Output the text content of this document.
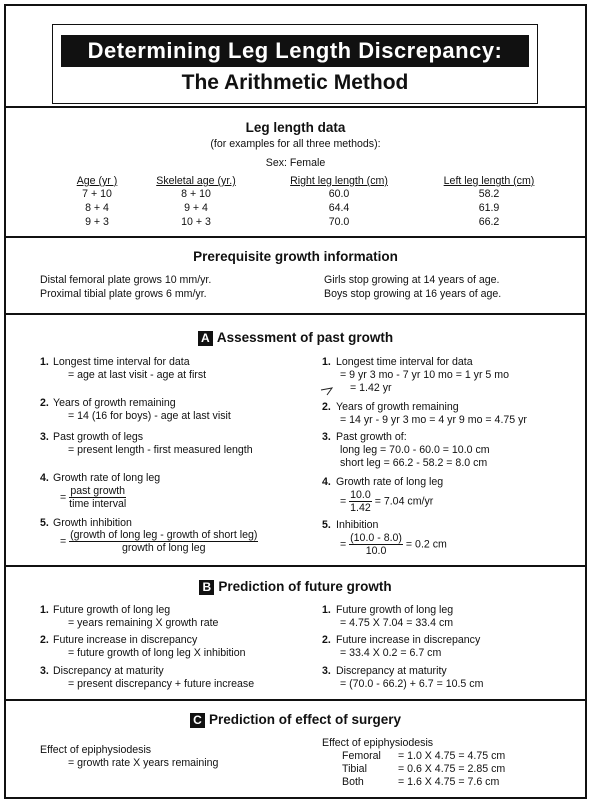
Determining Leg Length Discrepancy:
The Arithmetic Method
Leg length data
(for examples for all three methods):
Sex: Female
Age (yr )	Skeletal age (yr.)	Right leg length (cm)	Left leg length (cm)
7 + 10	8 + 10	60.0	58.2
8 + 4	9 + 4	64.4	61.9
9 + 3	10 + 3	70.0	66.2
Prerequisite growth information
Distal femoral plate grows 10 mm/yr.
Proximal tibial plate grows 6 mm/yr.
Girls stop growing at 14 years of age.
Boys stop growing at 16 years of age.
A Assessment of past growth
1. Longest time interval for data
= age at last visit - age at first
2. Years of growth remaining
= 14 (16 for boys) - age at last visit
3. Past growth of legs
= present length - first measured length
4. Growth rate of long leg
= $\frac{\text{past growth}}{\text{time interval}}$
5. Growth inhibition
= $\frac{\text{(growth of long leg - growth of short leg)}}{\text{growth of long leg}}$
1. Longest time interval for data
= 9 yr 3 mo - 7 yr 10 mo = 1 yr 5 mo
= 1.42 yr
2. Years of growth remaining
= 14 yr - 9 yr 3 mo = 4 yr 9 mo = 4.75 yr
3. Past growth of:
long leg = 70.0 - 60.0 = 10.0 cm
short leg = 66.2 - 58.2 = 8.0 cm
4. Growth rate of long leg
= $\frac{10.0}{1.42} = 7.04$ cm/yr
5. Inhibition
= $\frac{(10.0 - 8.0)}{10.0} = 0.2$ cm
B Prediction of future growth
1. Future growth of long leg
= years remaining X growth rate
2. Future increase in discrepancy
= future growth of long leg X inhibition
3. Discrepancy at maturity
= present discrepancy + future increase
1. Future growth of long leg
= 4.75 X 7.04 = 33.4 cm
2. Future increase in discrepancy
= 33.4 X 0.2 = 6.7 cm
3. Discrepancy at maturity
= (70.0 - 66.2) + 6.7 = 10.5 cm
C Prediction of effect of surgery
Effect of epiphysiodesis
= growth rate X years remaining
Effect of epiphysiodesis
Femoral = 1.0 X 4.75 = 4.75 cm
Tibial	= 0.6 X 4.75 = 2.85 cm
Both	= 1.6 X 4.75 = 7.6 cm
